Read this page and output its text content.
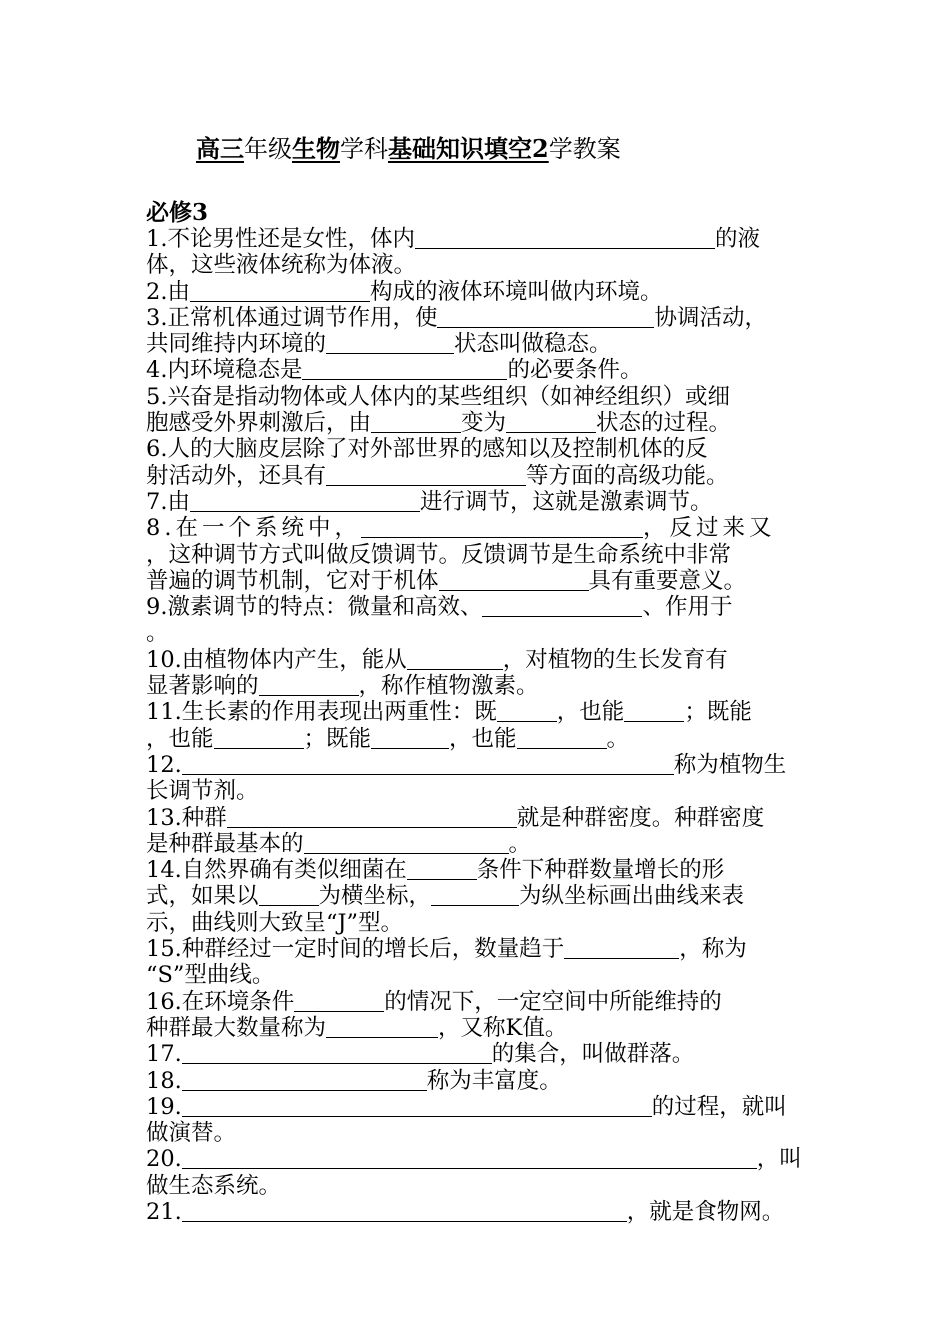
高三年级生物学科基础知识填空2学教案
必修3

1.不论男性还是女性，体内	的液
体，这些液体统称为体液。

2.由	构成的液体环境叫做内环境。

3.正常机体通过调节作用，使	协调活动，
共同维持内环境的	状态叫做稳态。

4.内环境稳态是	的必要条件。

5.兴奋是指动物体或人体内的某些组织（如神经组织）或细
胞感受外界刺激后，由	变为	状态的过程。

6.人的大脑皮层除了对外部世界的感知以及控制机体的反
射活动外，还具有	等方面的高级功能。

7.由	进行调节，这就是激素调节。

8.在一个系统中，	，反过来又
，这种调节方式叫做反馈调节。反馈调节是生命系统中非常
普遍的调节机制，它对于机体	具有重要意义。

9.激素调节的特点：微量和高效、	、作用于
。

10.由植物体内产生，能从	，对植物的生长发育有
显著影响的	，称作植物激素。

11.生长素的作用表现出两重性：既	，也能	；既能
，也能	；既能	，也能	。

12.	称为植物生
长调节剂。

13.种群	就是种群密度。种群密度
是种群最基本的	。

14.自然界确有类似细菌在	条件下种群数量增长的形
式，如果以	为横坐标，	为纵坐标画出曲线来表
示，曲线则大致呈“J”型。

15.种群经过一定时间的增长后，数量趋于	，称为
“S”型曲线。

16.在环境条件	的情况下，一定空间中所能维持的
种群最大数量称为	，又称K值。

17.	的集合，叫做群落。

18.	称为丰富度。

19.	的过程，就叫
做演替。

20.	，叫
做生态系统。

21.	，就是食物网。
